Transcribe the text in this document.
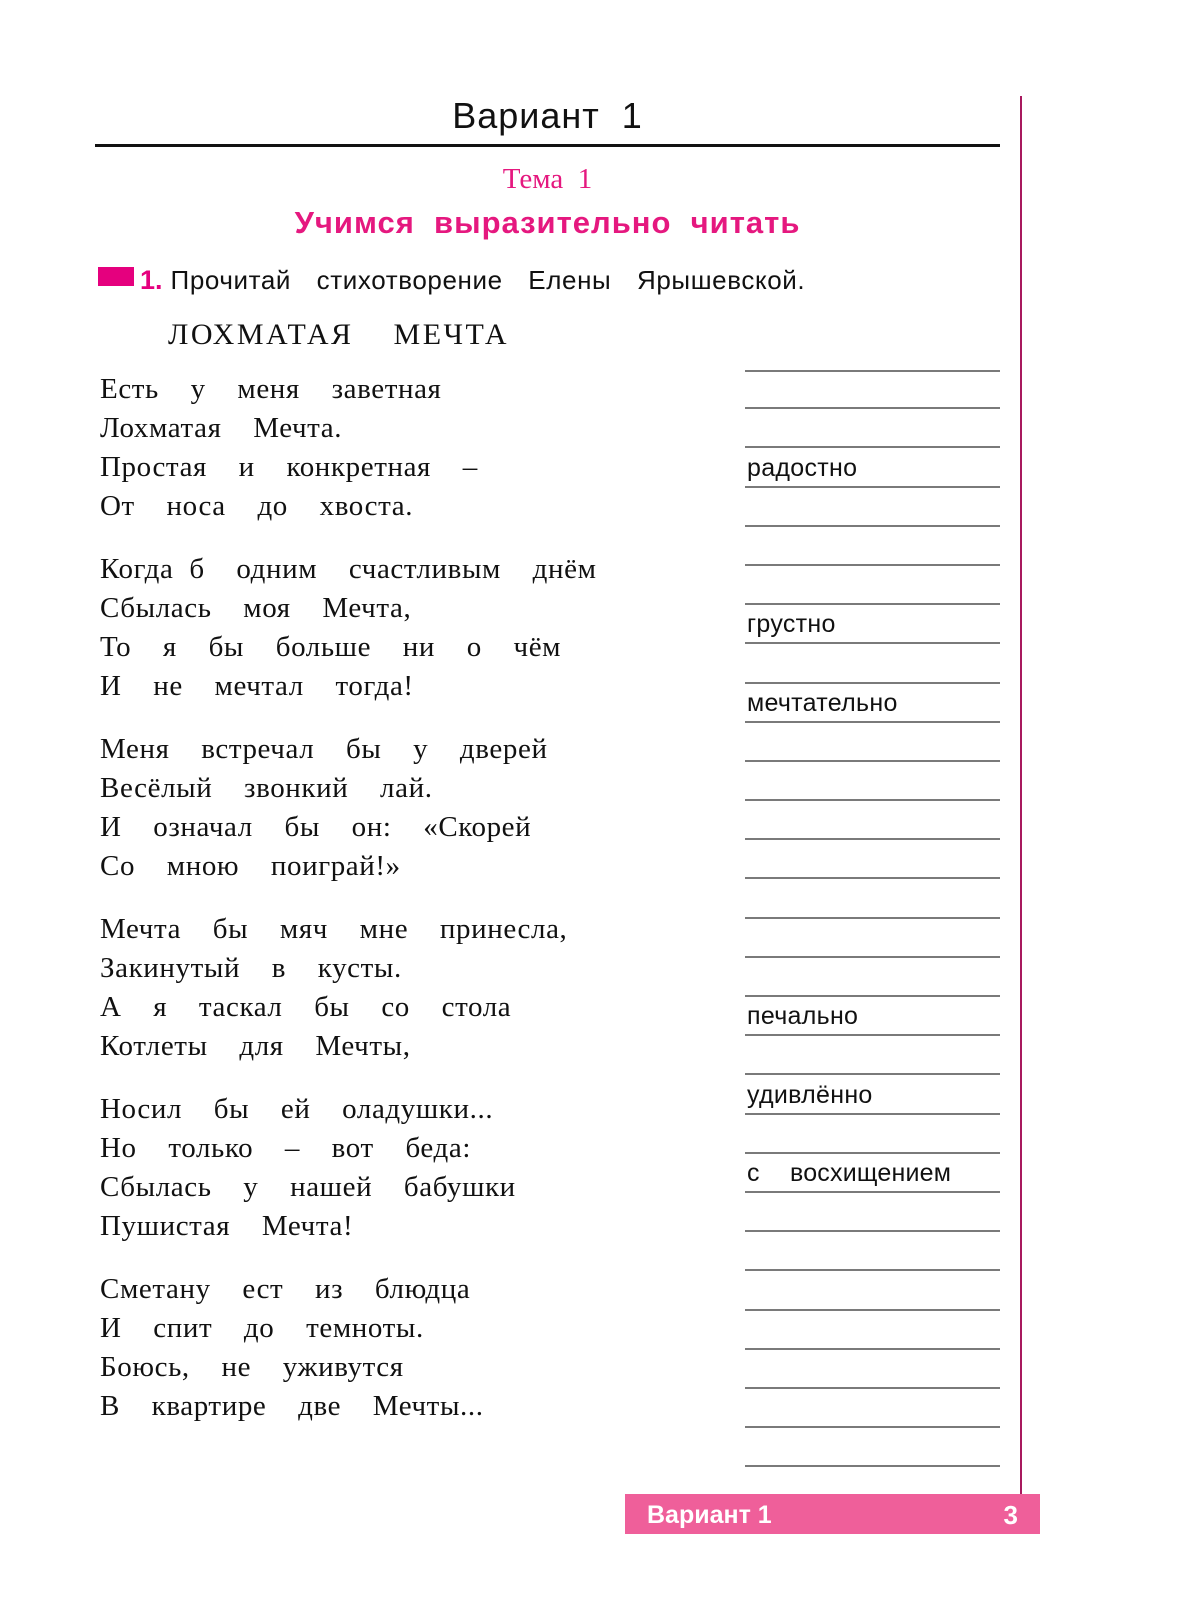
Вариант  1
Тема  1
Учимся  выразительно  читать
1. Прочитай  стихотворение  Елены  Ярышевской.
ЛОХМАТАЯ  МЕЧТА
Есть  у  меня  заветная
Лохматая  Мечта.
Простая  и  конкретная  –
От  носа  до  хвоста.
Когда б  одним  счастливым  днём
Сбылась  моя  Мечта,
То  я  бы  больше  ни  о  чём
И  не  мечтал  тогда!
Меня  встречал  бы  у  дверей
Весёлый  звонкий  лай.
И  означал  бы  он:  «Скорей
Со  мною  поиграй!»
Мечта  бы  мяч  мне  принесла,
Закинутый  в  кусты.
А  я  таскал  бы  со  стола
Котлеты  для  Мечты,
Носил  бы  ей  оладушки...
Но  только  –  вот  беда:
Сбылась  у  нашей  бабушки
Пушистая  Мечта!
Сметану  ест  из  блюдца
И  спит  до  темноты.
Боюсь,  не  уживутся
В  квартире  две  Мечты...
радостно
грустно
мечтательно
печально
удивлённо
с  восхищением
Вариант 1	3
